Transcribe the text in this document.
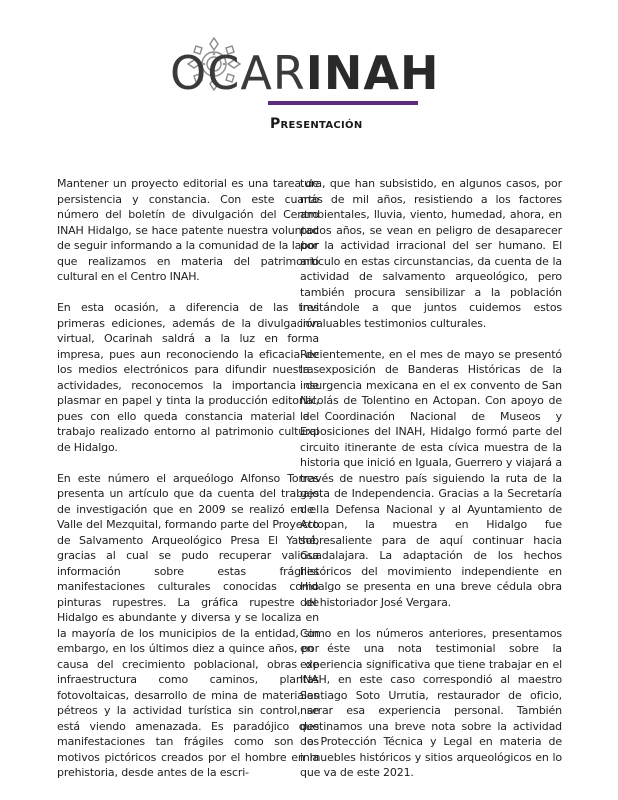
OCARINAH
Presentación

Mantener un proyecto editorial es una tarea de persistencia y constancia. Con este cuarto número del boletín de divulgación del Centro INAH Hidalgo, se hace patente nuestra voluntad de seguir informando a la comunidad de la labor que realizamos en materia del patrimonio cultural en el Centro INAH.

En esta ocasión, a diferencia de las tres primeras ediciones, además de la divulgación virtual, Ocarinah saldrá a la luz en forma impresa, pues aun reconociendo la eficacia de los medios electrónicos para difundir nuestras actividades, reconocemos la importancia de plasmar en papel y tinta la producción editorial, pues con ello queda constancia material del trabajo realizado entorno al patrimonio cultural de Hidalgo.

En este número el arqueólogo Alfonso Torres presenta un artículo que da cuenta del trabajo de investigación que en 2009 se realizó en el Valle del Mezquital, formando parte del Proyecto de Salvamento Arqueológico Presa El Yathé, gracias al cual se pudo recuperar valiosa información sobre estas frágiles manifestaciones culturales conocidas como pinturas rupestres. La gráfica rupestre de Hidalgo es abundante y diversa y se localiza en la mayoría de los municipios de la entidad, sin embargo, en los últimos diez a quince años, por causa del crecimiento poblacional, obras de infraestructura como caminos, plantas fotovoltaicas, desarrollo de mina de materiales pétreos y la actividad turística sin control, se está viendo amenazada. Es paradójico que manifestaciones tan frágiles como son los motivos pictóricos creados por el hombre en la prehistoria, desde antes de la escri-

tura, que han subsistido, en algunos casos, por más de mil años, resistiendo a los factores ambientales, lluvia, viento, humedad, ahora, en pocos años, se vean en peligro de desaparecer por la actividad irracional del ser humano. El artículo en estas circunstancias, da cuenta de la actividad de salvamento arqueológico, pero también procura sensibilizar a la población invitándole a que juntos cuidemos estos invaluables testimonios culturales.

Recientemente, en el mes de mayo se presentó la exposición de Banderas Históricas de la insurgencia mexicana en el ex convento de San Nicolás de Tolentino en Actopan. Con apoyo de la Coordinación Nacional de Museos y Exposiciones del INAH, Hidalgo formó parte del circuito itinerante de esta cívica muestra de la historia que inició en Iguala, Guerrero y viajará a través de nuestro país siguiendo la ruta de la gesta de Independencia. Gracias a la Secretaría de la Defensa Nacional y al Ayuntamiento de Actopan, la muestra en Hidalgo fue sobresaliente para de aquí continuar hacia Guadalajara. La adaptación de los hechos históricos del movimiento independiente en Hidalgo se presenta en una breve cédula obra del historiador José Vergara.

Como en los números anteriores, presentamos en éste una nota testimonial sobre la experiencia significativa que tiene trabajar en el INAH, en este caso correspondió al maestro Santiago Soto Urrutia, restaurador de oficio, narrar esa experiencia personal. También destinamos una breve nota sobre la actividad de Protección Técnica y Legal en materia de inmuebles históricos y sitios arqueológicos en lo que va de este 2021.
